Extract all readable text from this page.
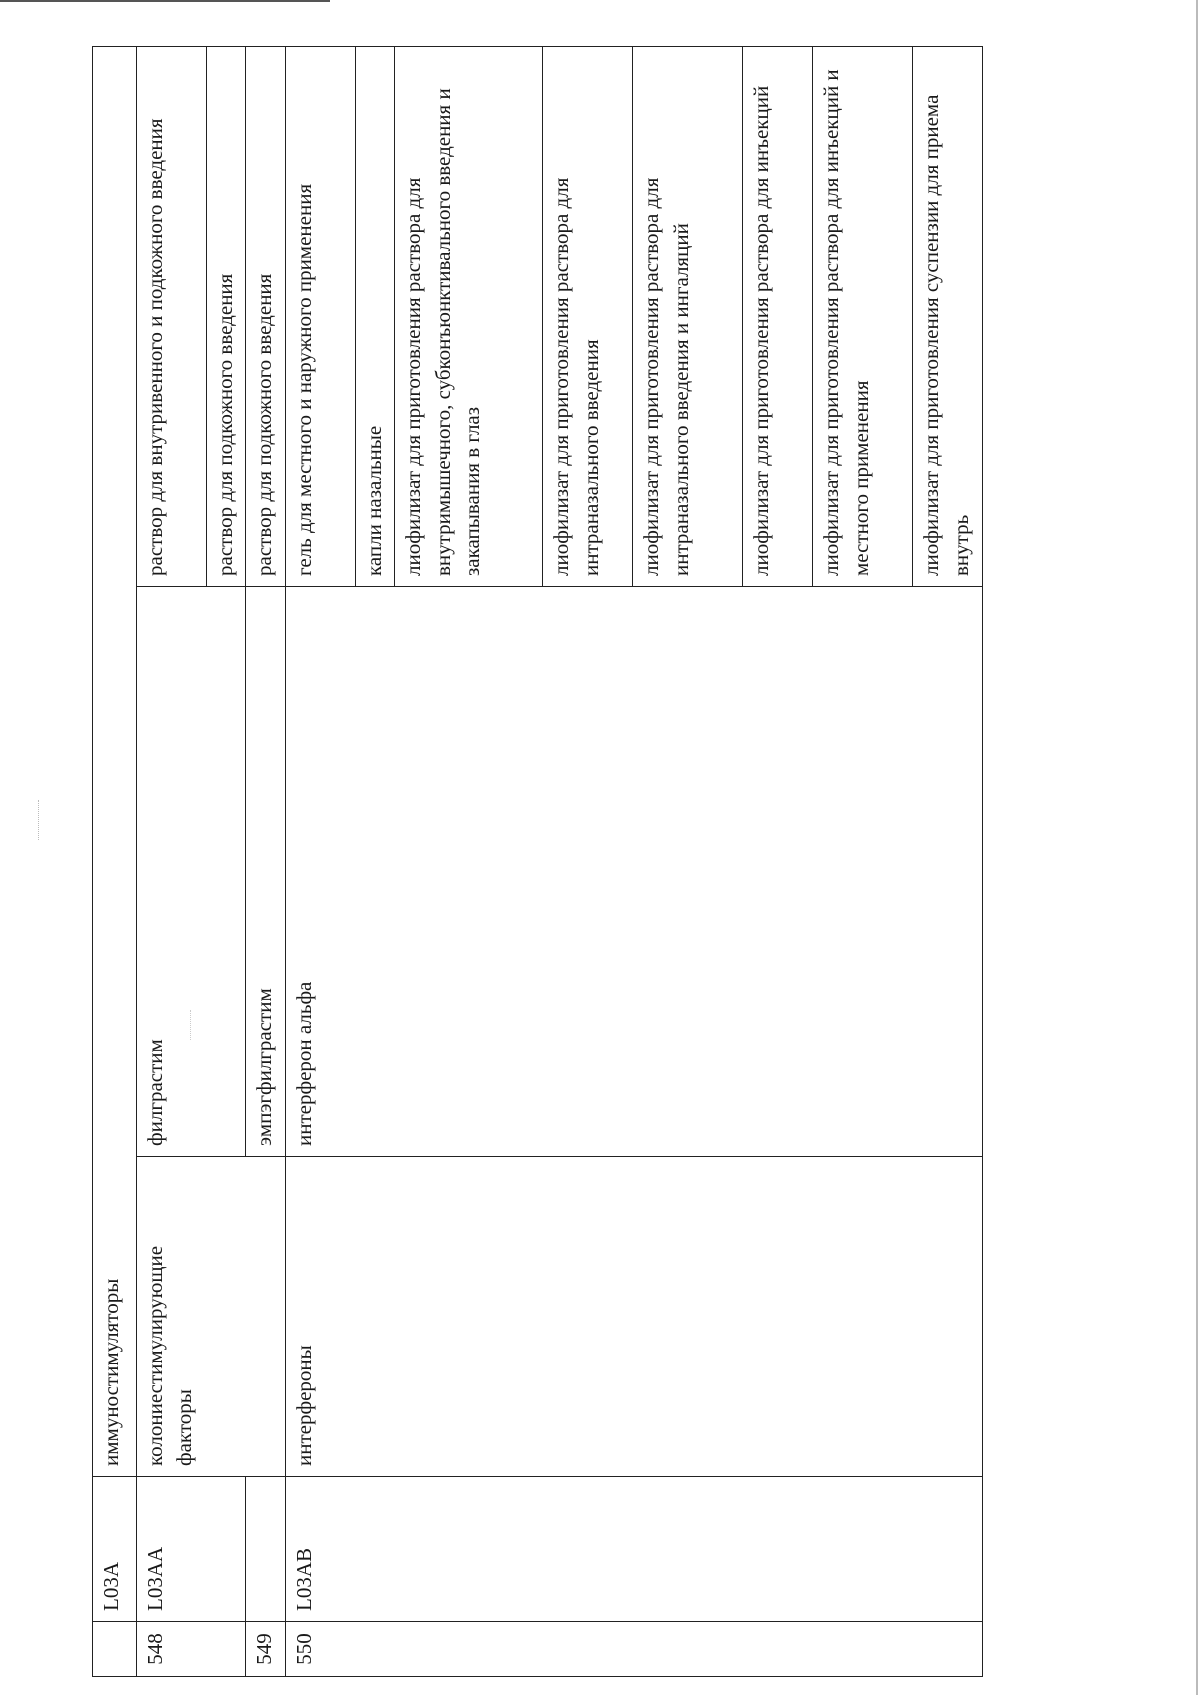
	L03A	иммуностимуляторы		
548	L03AA	колониестимулирующие факторы	филграстим	раствор для внутривенного и подкожного введения
				раствор для подкожного введения
549			эмпэгфилграстим	раствор для подкожного введения
550	L03AB	интерфероны	интерферон альфа	гель для местного и наружного применения
				капли назальные
				лиофилизат для приготовления раствора для внутримышечного, субконъюнктивального введения и закапывания в глаз
				лиофилизат для приготовления раствора для интраназального введения
				лиофилизат для приготовления раствора для интраназального введения и ингаляций
				лиофилизат для приготовления раствора для инъекций
				лиофилизат для приготовления раствора для инъекций и местного применения
				лиофилизат для приготовления суспензии для приема внутрь
